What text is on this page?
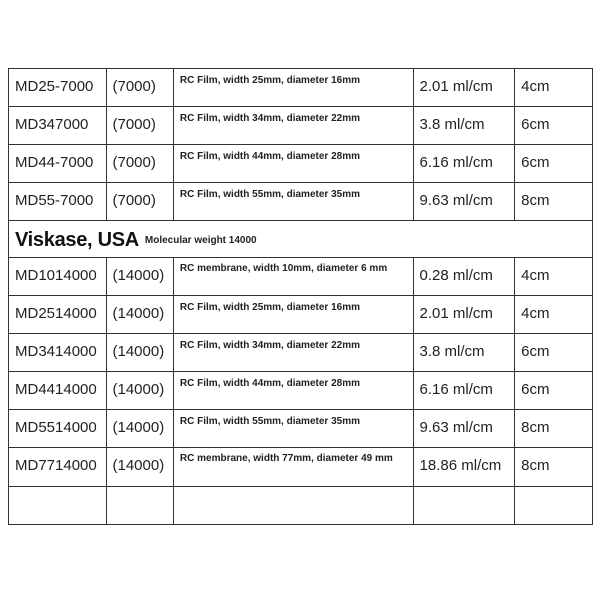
MD25-7000	(7000)	RC Film, width 25mm, diameter 16mm	2.01 ml/cm	4cm
MD347000	(7000)	RC Film, width 34mm, diameter 22mm	3.8 ml/cm	6cm
MD44-7000	(7000)	RC Film, width 44mm, diameter 28mm	6.16 ml/cm	6cm
MD55-7000	(7000)	RC Film, width 55mm, diameter 35mm	9.63 ml/cm	8cm
Viskase, USA Molecular weight 14000				
MD1014000	(14000)	RC membrane, width 10mm, diameter 6 mm	0.28 ml/cm	4cm
MD2514000	(14000)	RC Film, width 25mm, diameter 16mm	2.01 ml/cm	4cm
MD3414000	(14000)	RC Film, width 34mm, diameter 22mm	3.8 ml/cm	6cm
MD4414000	(14000)	RC Film, width 44mm, diameter 28mm	6.16 ml/cm	6cm
MD5514000	(14000)	RC Film, width 55mm, diameter 35mm	9.63 ml/cm	8cm
MD7714000	(14000)	RC membrane, width 77mm, diameter 49 mm	18.86 ml/cm	8cm
